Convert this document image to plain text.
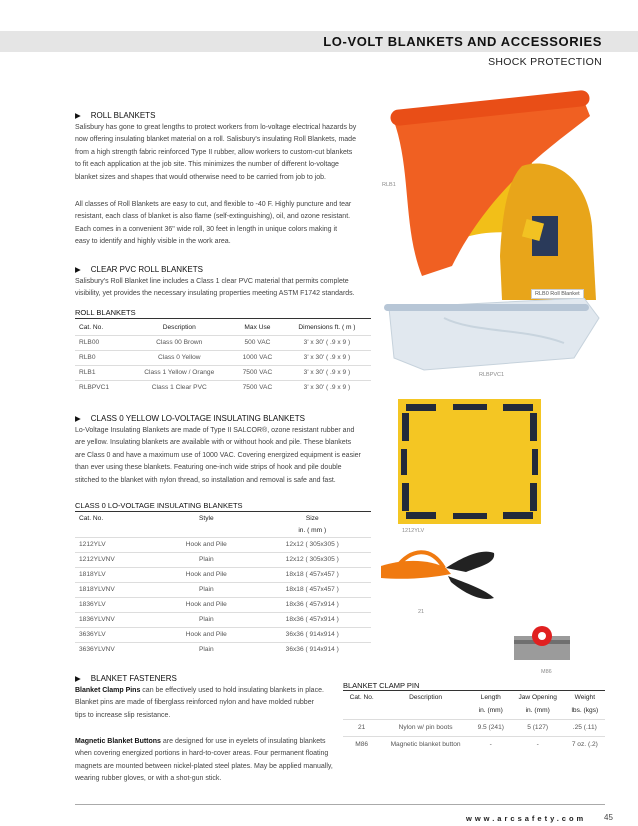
LO-VOLT BLANKETS AND ACCESSORIES
SHOCK PROTECTION
▶ ROLL BLANKETS
Salisbury has gone to great lengths to protect workers from lo-voltage electrical hazards by
now offering insulating blanket material on a roll. Salisbury's insulating Roll Blankets, made
from a high strength fabric reinforced Type II rubber, allow workers to custom-cut blankets
to fit each application at the job site. This minimizes the number of different lo-voltage
blanket sizes and shapes that would otherwise need to be carried from job to job.
All classes of Roll Blankets are easy to cut, and flexible to -40 F. Highly puncture and tear
resistant, each class of blanket is also flame (self-extinguishing), oil, and ozone resistant.
Each comes in a convenient 36" wide roll, 30 feet in length in unique colors making it
easy to identify and highly visible in the work area.
▶ CLEAR PVC ROLL BLANKETS
Salisbury's Roll Blanket line includes a Class 1 clear PVC material that permits complete
visibility, yet provides the necessary insulating properties meeting ASTM F1742 standards.
ROLL BLANKETS
Cat. No.	Description	Max Use	Dimensions ft. ( m )
RLB00	Class 00 Brown	500 VAC	3' x 30' ( .9 x 9 )
RLB0	Class 0 Yellow	1000 VAC	3' x 30' ( .9 x 9 )
RLB1	Class 1 Yellow / Orange	7500 VAC	3' x 30' ( .9 x 9 )
RLBPVC1	Class 1 Clear PVC	7500 VAC	3' x 30' ( .9 x 9 )
▶ CLASS 0 YELLOW LO-VOLTAGE INSULATING BLANKETS
Lo-Voltage Insulating Blankets are made of Type II SALCOR®, ozone resistant rubber and
are yellow. Insulating blankets are available with or without hook and pile. These blankets
are Class 0 and have a maximum use of 1000 VAC. Covering energized equipment is easier
than ever using these blankets. Featuring one-inch wide strips of hook and pile double
stitched to the blanket with nylon thread, so installation and removal is safe and fast.
CLASS 0 LO-VOLTAGE INSULATING BLANKETS
Cat. No.	Style	Size
		in. ( mm )
1212YLV	Hook and Pile	12x12 ( 305x305 )
1212YLVNV	Plain	12x12 ( 305x305 )
1818YLV	Hook and Pile	18x18 ( 457x457 )
1818YLVNV	Plain	18x18 ( 457x457 )
1836YLV	Hook and Pile	18x36 ( 457x914 )
1836YLVNV	Plain	18x36 ( 457x914 )
3636YLV	Hook and Pile	36x36 ( 914x914 )
3636YLVNV	Plain	36x36 ( 914x914 )
▶ BLANKET FASTENERS
Blanket Clamp Pins can be effectively used to hold insulating blankets in place.
Blanket pins are made of fiberglass reinforced nylon and have molded rubber
tips to increase slip resistance.
Magnetic Blanket Buttons are designed for use in eyelets of insulating blankets
when covering energized portions in hard-to-cover areas. Four permanent floating
magnets are mounted between nickel-plated steel plates. May be applied manually,
wearing rubber gloves, or with a shot-gun stick.
BLANKET CLAMP PIN
Cat. No.	Description	Length	Jaw Opening	Weight
		in. (mm)	in. (mm)	lbs. (kgs)
21	Nylon w/ pin boots	9.5 (241)	5 (127)	.25 (.11)
M86	Magnetic blanket button	-	-	7 oz. (.2)
RLB1
RLB0 Roll Blanket
RLBPVC1
1212YLV
21
M86
www.arcsafety.com 45
